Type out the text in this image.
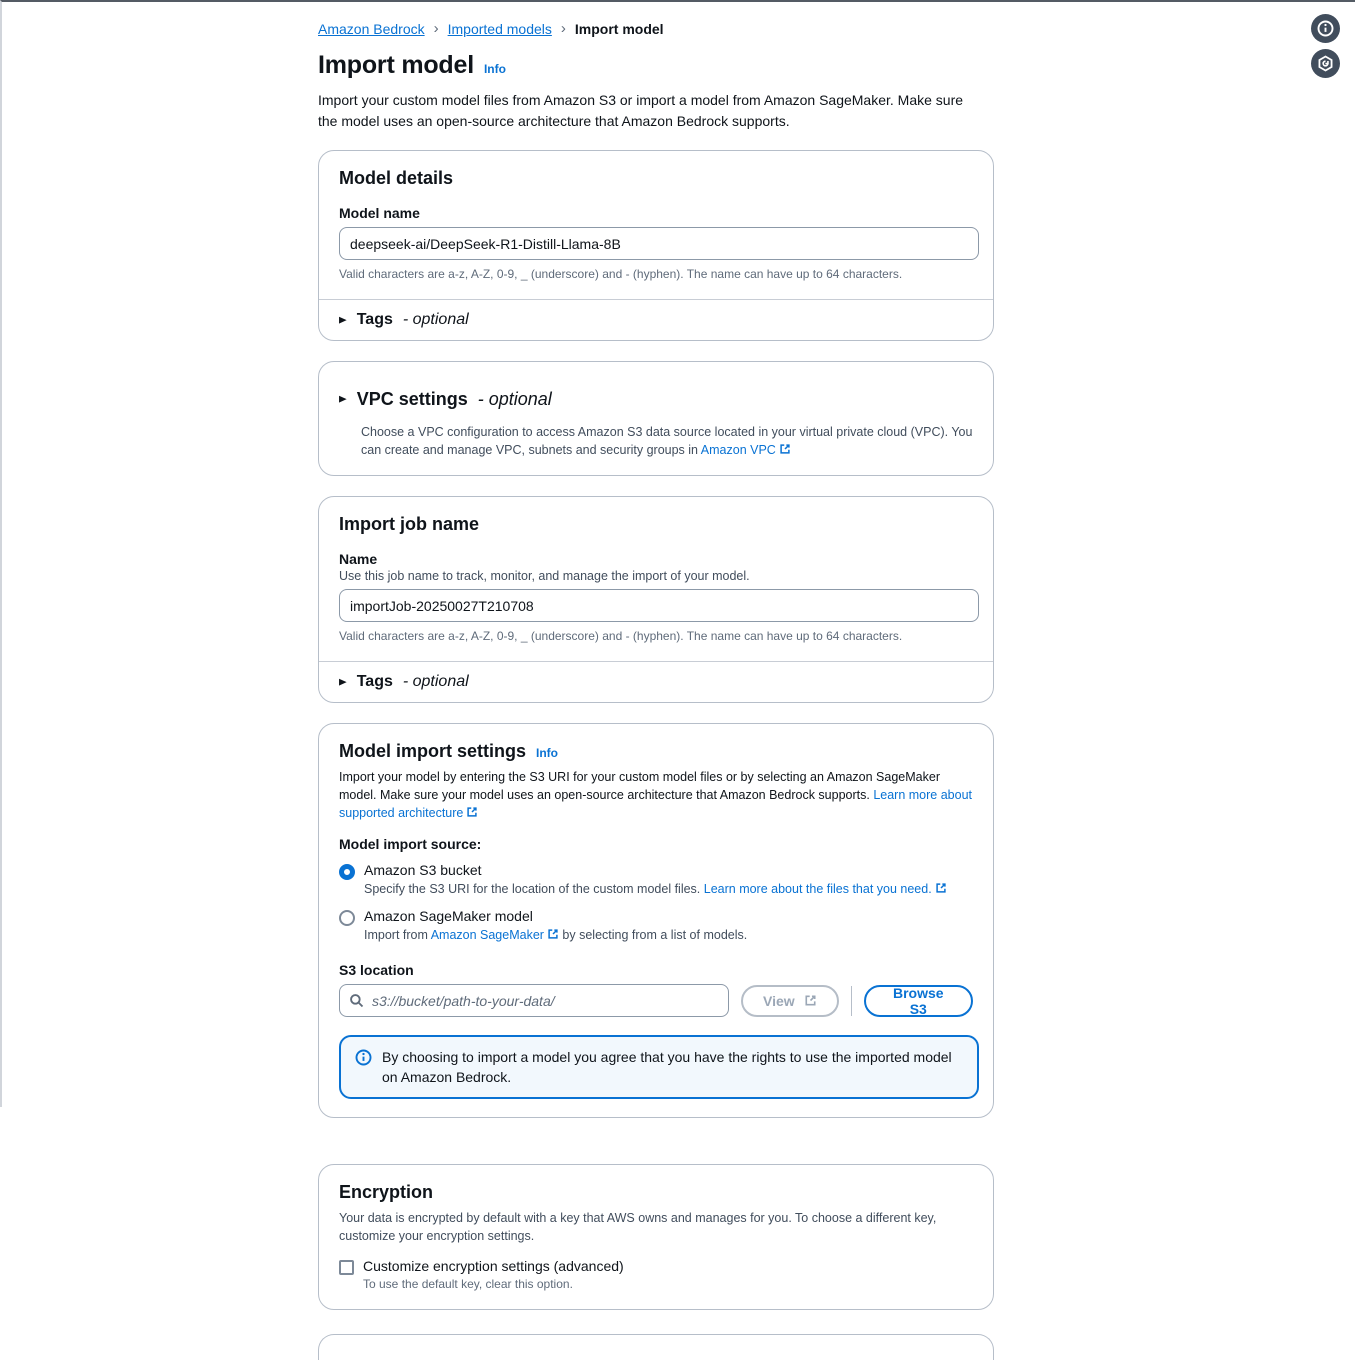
Amazon Bedrock › Imported models › Import model
Import model Info

Import your custom model files from Amazon S3 or import a model from Amazon SageMaker. Make sure the model uses an open-source architecture that Amazon Bedrock supports.

Model details
Model name
deepseek-ai/DeepSeek-R1-Distill-Llama-8B
Valid characters are a-z, A-Z, 0-9, _ (underscore) and - (hyphen). The name can have up to 64 characters.
▶ Tags - optional
▶ VPC settings - optional

Choose a VPC configuration to access Amazon S3 data source located in your virtual private cloud (VPC). You can create and manage VPC, subnets and security groups in Amazon VPC

Import job name
Name
Use this job name to track, monitor, and manage the import of your model.
importJob-20250027T210708
Valid characters are a-z, A-Z, 0-9, _ (underscore) and - (hyphen). The name can have up to 64 characters.
▶ Tags - optional
Model import settings Info

Import your model by entering the S3 URI for your custom model files or by selecting an Amazon SageMaker model. Make sure your model uses an open-source architecture that Amazon Bedrock supports. Learn more about supported architecture

Model import source:
Amazon S3 bucket
Specify the S3 URI for the location of the custom model files. Learn more about the files that you need.
Amazon SageMaker model
Import from Amazon SageMaker by selecting from a list of models.
S3 location
s3://bucket/path-to-your-data/
View	Browse S3
By choosing to import a model you agree that you have the rights to use the imported model on Amazon Bedrock.
Encryption

Your data is encrypted by default with a key that AWS owns and manages for you. To choose a different key, customize your encryption settings.

Customize encryption settings (advanced)
To use the default key, clear this option.
